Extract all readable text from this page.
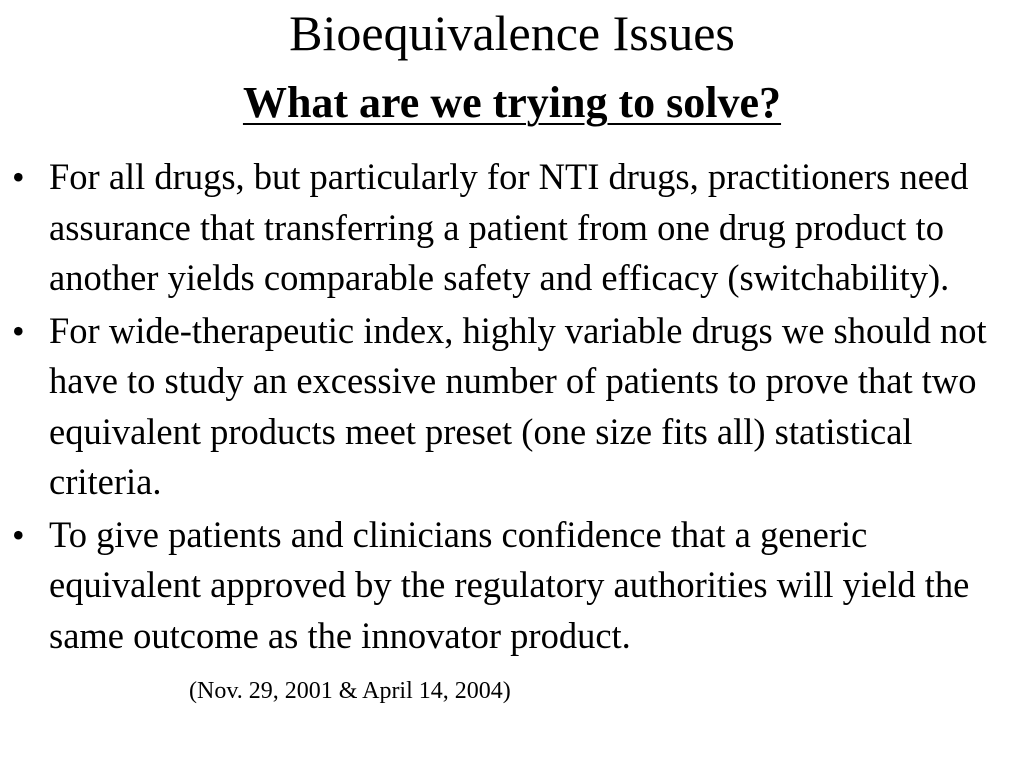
Bioequivalence Issues
What are we trying to solve?
• For all drugs, but particularly for NTI drugs, practitioners need assurance that transferring a patient from one drug product to another yields comparable safety and efficacy (switchability).
• For wide-therapeutic index, highly variable drugs we should not have to study an excessive number of patients to prove that two equivalent products meet preset (one size fits all) statistical criteria.
• To give patients and clinicians confidence that a generic equivalent approved by the regulatory authorities will yield the same outcome as the innovator product.(Nov. 29, 2001 & April 14, 2004)
